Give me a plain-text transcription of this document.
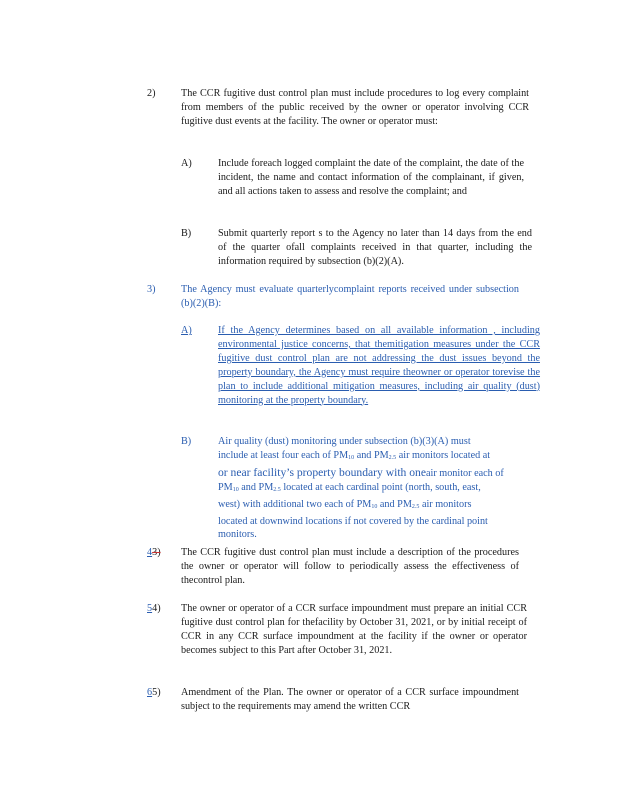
2)	The CCR fugitive dust control plan must include procedures to log every complaint from members of the public received by the owner or operator involving CCR fugitive dust events at the facility. The owner or operator must:
A)	Include foreach logged complaint the date of the complaint, the date of the incident, the name and contact information of the complainant, if given, and all actions taken to assess and resolve the complaint; and
B)	Submit quarterly report s to the Agency no later than 14 days from the end of the quarter ofall complaints received in that quarter, including the information required by subsection (b)(2)(A).
3)	The Agency must evaluate quarterlycomplaint reports received under subsection (b)(2)(B):
A)	If the Agency determines based on all available information , including environmental justice concerns, that themitigation measures under the CCR fugitive dust control plan are not addressing the dust issues beyond the property boundary, the Agency must require theowner or operator torevise the plan to include additional mitigation measures, including air quality (dust) monitoring at the property boundary.
B)	Air quality (dust) monitoring under subsection (b)(3)(A) must
include at least four each of $PM_{10}$ and $PM_{2.5}$ air monitors located at
or near facility’s property boundary with oneair monitor each of
$PM_{10}$ and $PM_{2.5}$ located at each cardinal point (north, south, east,
west) with additional two each of $PM_{10}$ and $PM_{2.5}$ air monitors
located at downwind locations if not covered by the cardinal point
monitors.
43) The CCR fugitive dust control plan must include a description of the procedures the owner or operator will follow to periodically assess the effectiveness of thecontrol plan.
54) The owner or operator of a CCR surface impoundment must prepare an initial CCR fugitive dust control plan for thefacility by October 31, 2021, or by initial receipt of CCR in any CCR surface impoundment at the facility if the owner or operator becomes subject to this Part after October 31, 2021.
65) Amendment of the Plan. The owner or operator of a CCR surface impoundment subject to the requirements may amend the written CCR
